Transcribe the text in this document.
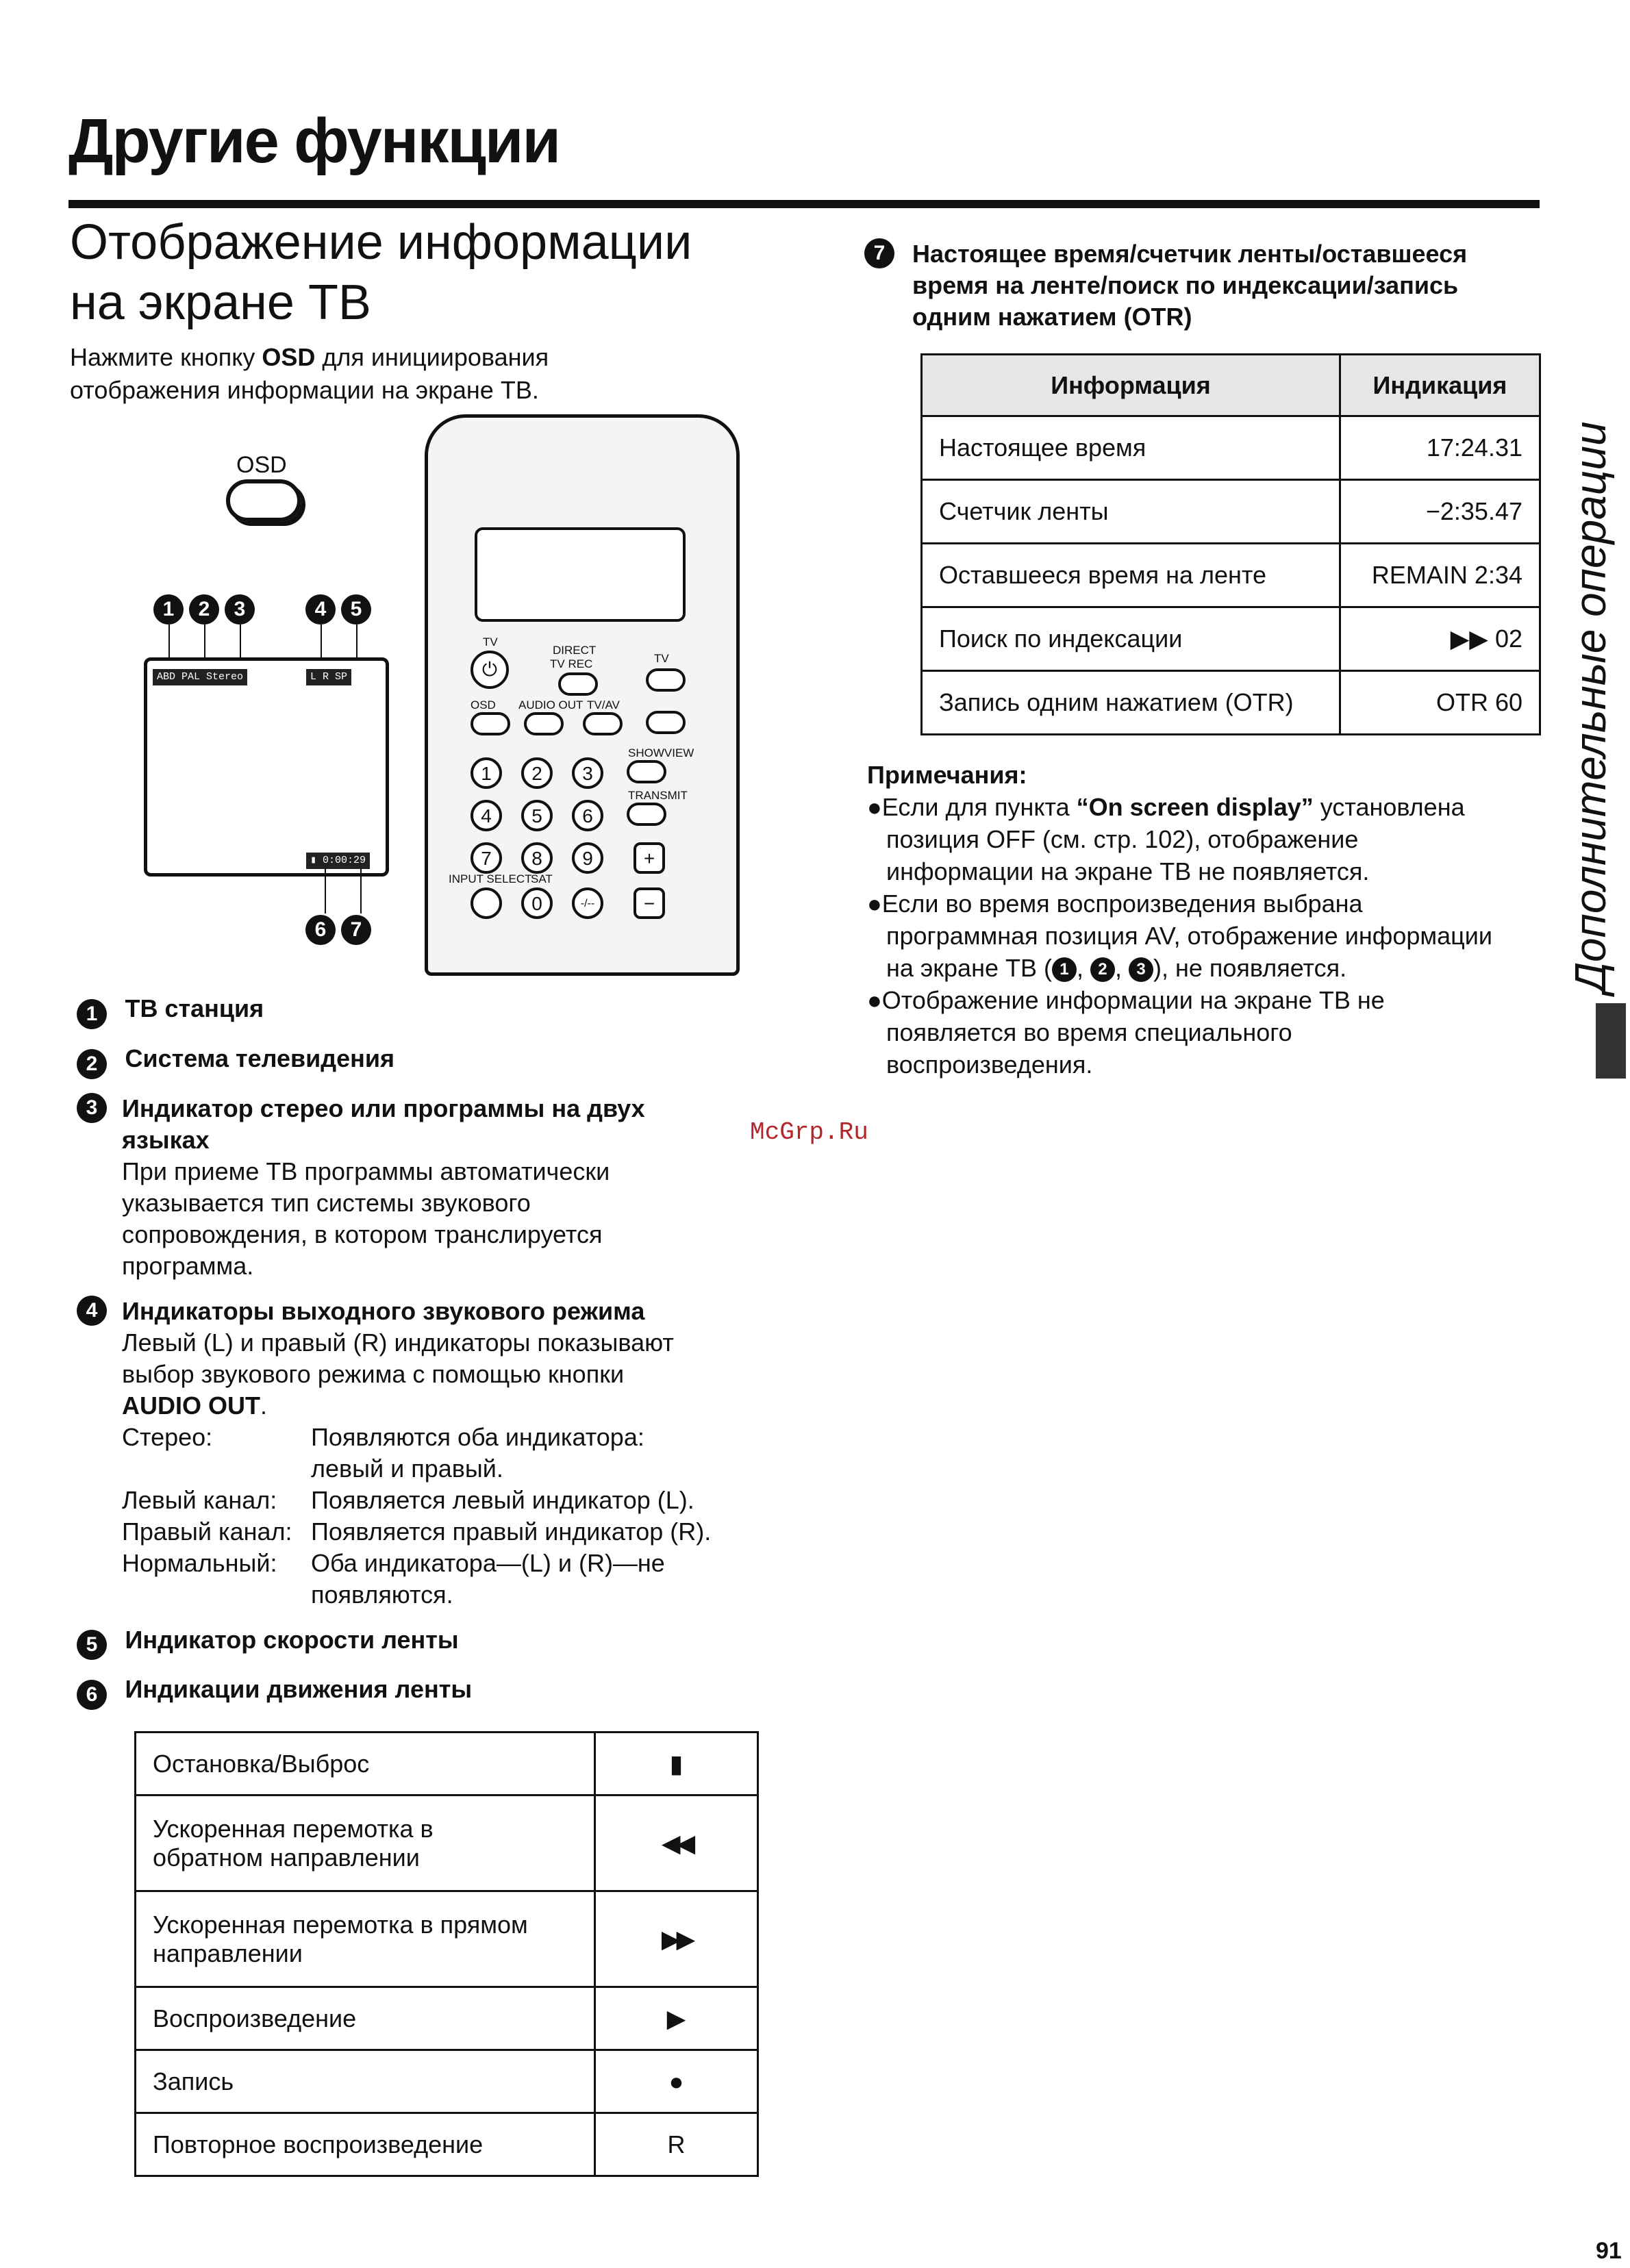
Другие функции
Отображение информации
на экране ТВ
Нажмите кнопку OSD для инициирования отображения информации на экране ТВ.
OSD
1 2 3	4 5
ABD PAL Stereo	L R SP
▮ 0:00:29
6 7
TV
⏻
DIRECT
TV REC	TV
OSD AUDIO OUT TV/AV
SHOWVIEW
TRANSMIT
1	2	3
4	5	6
7	8	9	+
INPUT SELECT
SAT
0	-/--	−
1 ТВ станция
2 Система телевидения
3 Индикатор стерео или программы на двух языках
При приеме ТВ программы автоматически
указывается тип системы звукового
сопровождения, в котором транслируется
программа.
4 Индикаторы выходного звукового режима
Левый (L) и правый (R) индикаторы показывают
выбор звукового режима с помощью кнопки
AUDIO OUT.
Стерео:	Появляются оба индикатора:
левый и правый.
Левый канал:	Появляется левый индикатор (L).
Правый канал: Появляется правый индикатор (R).
Нормальный:	Оба индикатора—(L) и (R)—не
появляются.
5 Индикатор скорости ленты
6 Индикации движения ленты
Остановка/Выброс	▮
Ускоренная перемотка в
обратном направлении	◀◀
Ускоренная перемотка в прямом
направлении	▶▶
Воспроизведение	▶
Запись	●
Повторное воспроизведение	R
7	Настоящее время/счетчик ленты/оставшееся
время на ленте/поиск по индексации/запись
одним нажатием (OTR)
Информация	Индикация
Настоящее время	17:24.31
Счетчик ленты	−2:35.47
Оставшееся время на ленте	REMAIN 2:34
Поиск по индексации	▶▶ 02
Запись одним нажатием (OTR)	OTR 60
Примечания:
●Если для пункта “On screen display” установлена
позиция OFF (см. стр. 102), отображение
информации на экране ТВ не появляется.
●Если во время воспроизведения выбрана
программная позиция AV, отображение информации
на экране ТВ ( 1 , 2 , 3 ), не появляется.
●Отображение информации на экране ТВ не
появляется во время специального
воспроизведения.
Дополнительные операции
McGrp.Ru
91
